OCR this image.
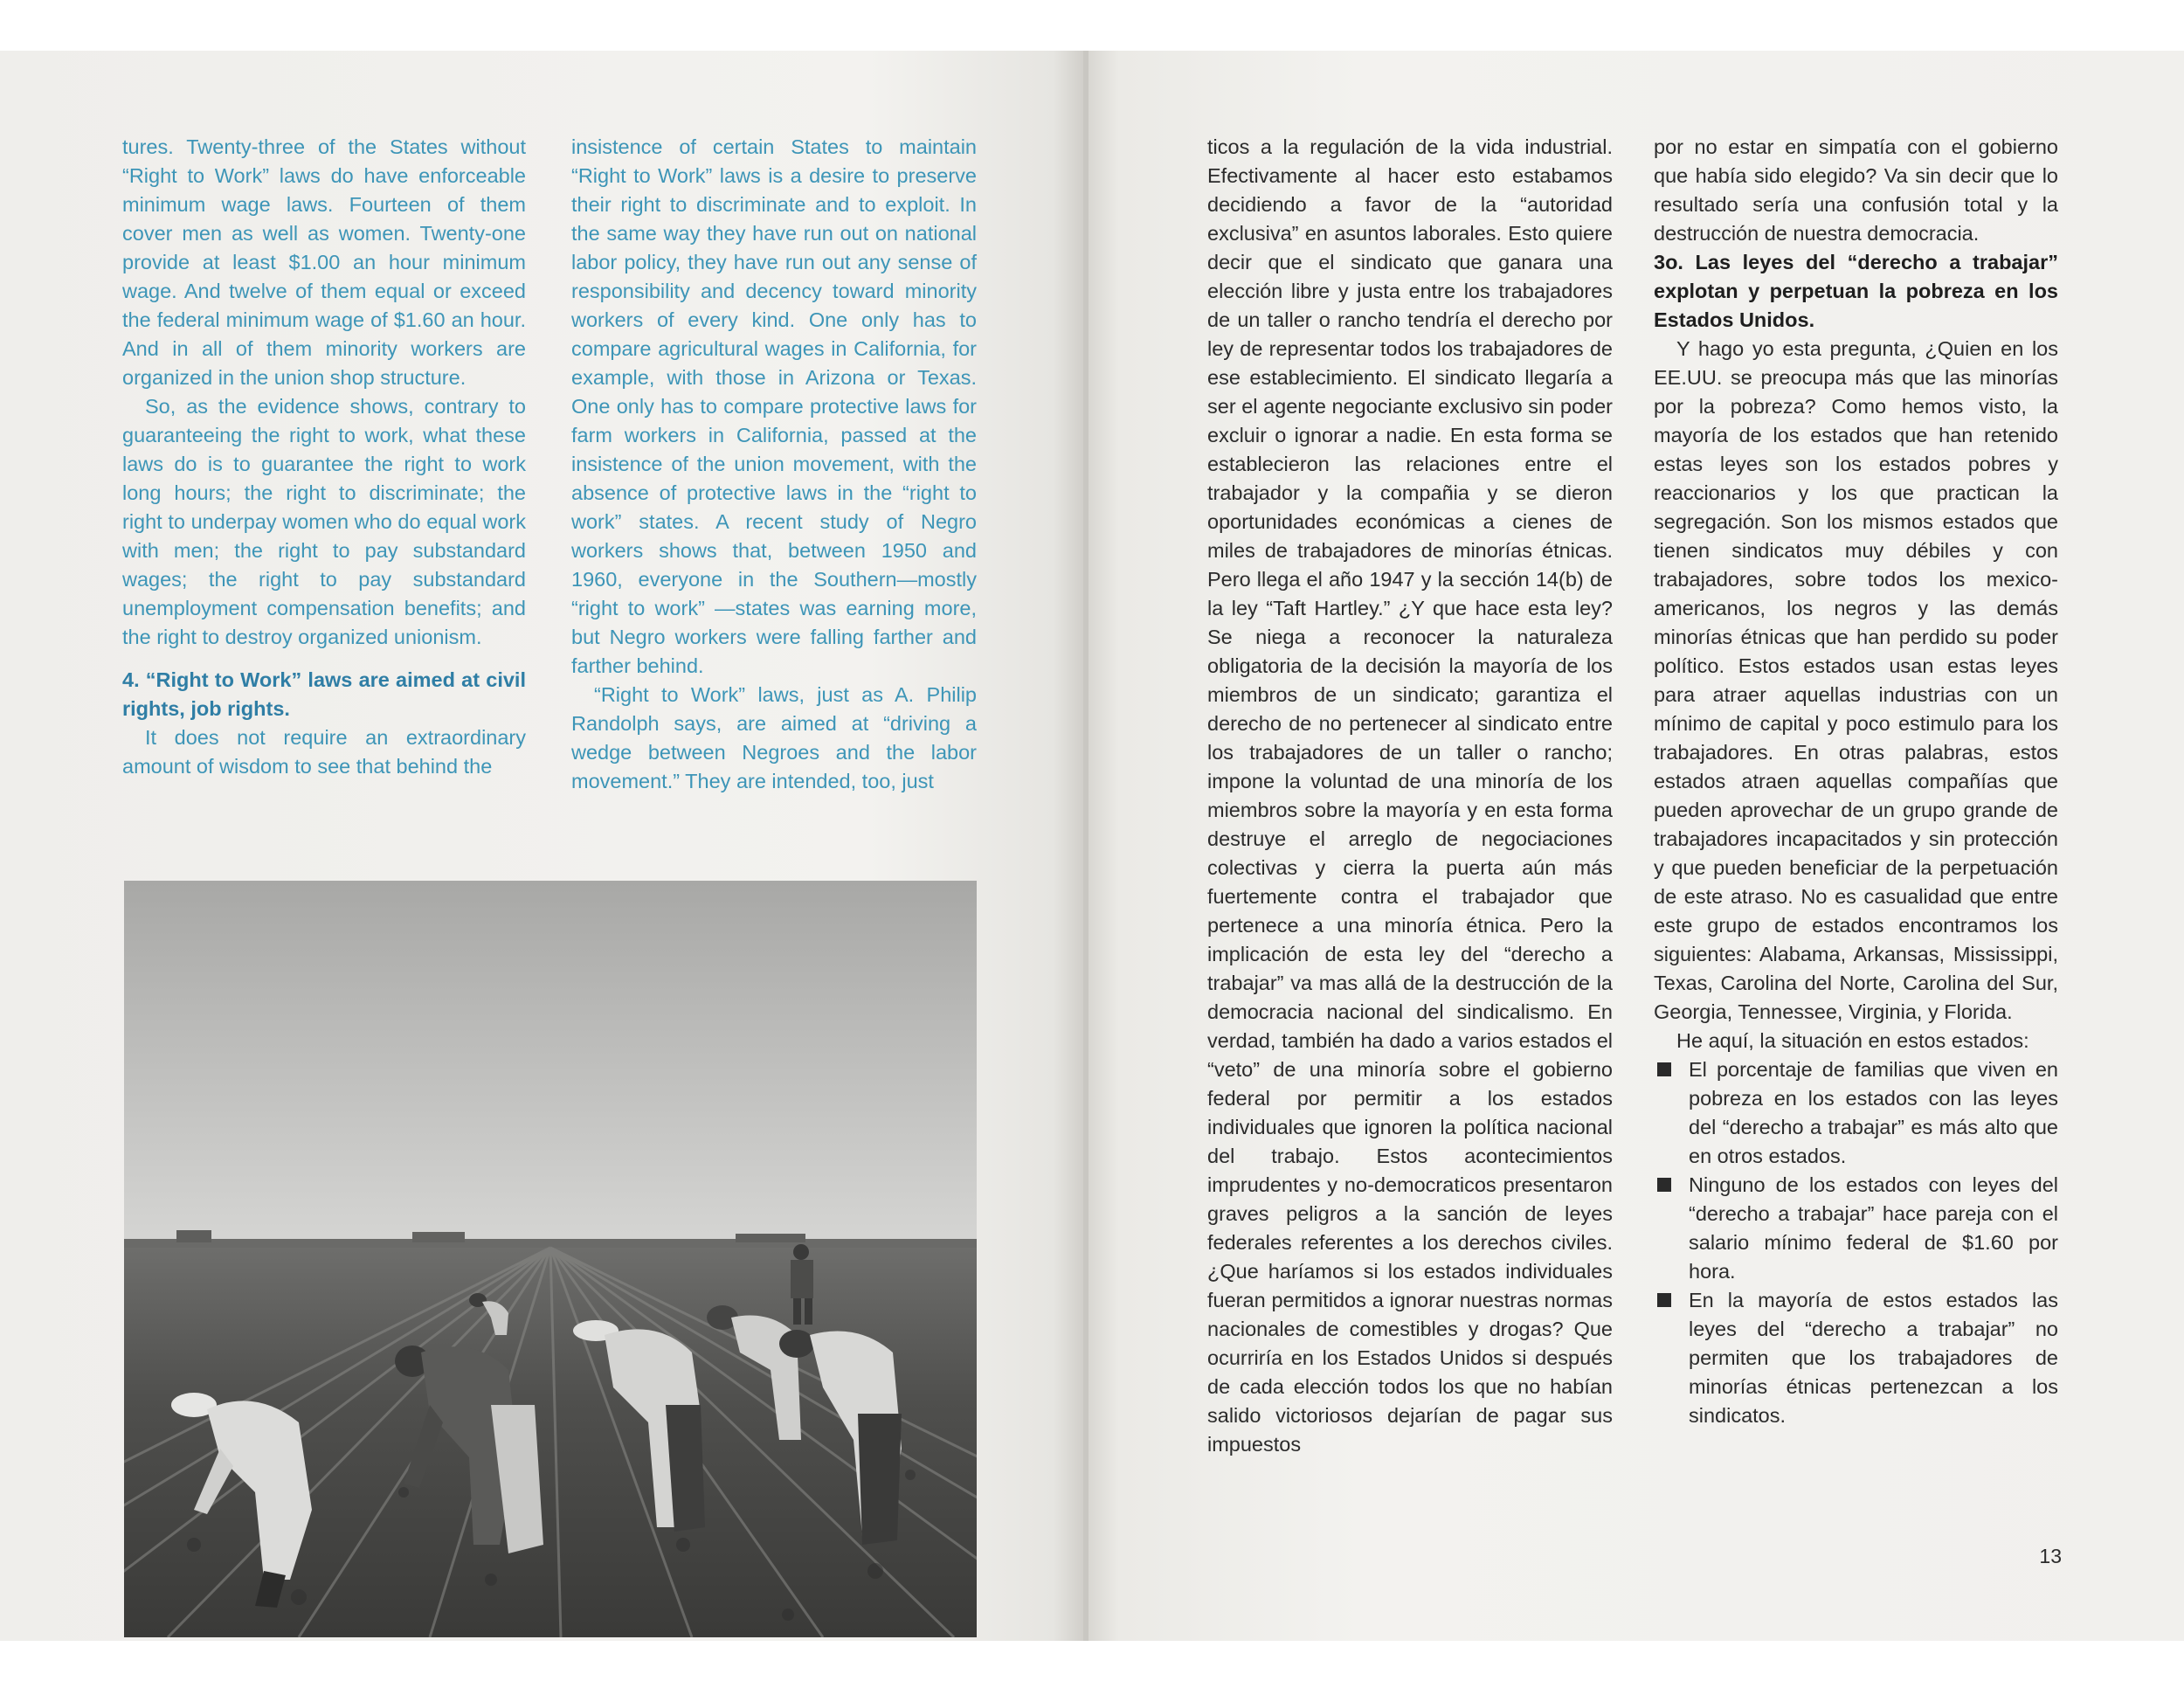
tures. Twenty-three of the States without “Right to Work” laws do have enforceable minimum wage laws. Fourteen of them cover men as well as women. Twenty-one provide at least $1.00 an hour minimum wage. And twelve of them equal or exceed the federal minimum wage of $1.60 an hour. And in all of them minority workers are organized in the union shop structure.

So, as the evidence shows, contrary to guaranteeing the right to work, what these laws do is to guarantee the right to work long hours; the right to discriminate; the right to underpay women who do equal work with men; the right to pay substandard wages; the right to pay substandard unemployment compensation benefits; and the right to destroy organized unionism.

4. “Right to Work” laws are aimed at civil rights, job rights.

It does not require an extraordinary amount of wisdom to see that behind the

insistence of certain States to maintain “Right to Work” laws is a desire to preserve their right to discriminate and to exploit. In the same way they have run out on national labor policy, they have run out any sense of responsibility and decency toward minority workers of every kind. One only has to compare agricultural wages in California, for example, with those in Arizona or Texas. One only has to compare protective laws for farm workers in California, passed at the insistence of the union movement, with the absence of protective laws in the “right to work” states. A recent study of Negro workers shows that, between 1950 and 1960, everyone in the Southern—mostly “right to work” —states was earning more, but Negro workers were falling farther and farther behind.

“Right to Work” laws, just as A. Philip Randolph says, are aimed at “driving a wedge between Negroes and the labor movement.” They are intended, too, just

ticos a la regulación de la vida industrial. Efectivamente al hacer esto estabamos decidiendo a favor de la “autoridad exclusiva” en asuntos laborales. Esto quiere decir que el sindicato que ganara una elección libre y justa entre los trabajadores de un taller o rancho tendría el derecho por ley de representar todos los trabajadores de ese establecimiento. El sindicato llegaría a ser el agente negociante exclusivo sin poder excluir o ignorar a nadie. En esta forma se establecieron las relaciones entre el trabajador y la compañia y se dieron oportunidades económicas a cienes de miles de trabajadores de minorías étnicas. Pero llega el año 1947 y la sección 14(b) de la ley “Taft Hartley.” ¿Y que hace esta ley? Se niega a reconocer la naturaleza obligatoria de la decisión la mayoría de los miembros de un sindicato; garantiza el derecho de no pertenecer al sindicato entre los trabajadores de un taller o rancho; impone la voluntad de una minoría de los miembros sobre la mayoría y en esta forma destruye el arreglo de negociaciones colectivas y cierra la puerta aún más fuertemente contra el trabajador que pertenece a una minoría étnica. Pero la implicación de esta ley del “derecho a trabajar” va mas allá de la destrucción de la democracia nacional del sindicalismo. En verdad, también ha dado a varios estados el “veto” de una minoría sobre el gobierno federal por permitir a los estados individuales que ignoren la política nacional del trabajo. Estos acontecimientos imprudentes y no-democraticos presentaron graves peligros a la sanción de leyes federales referentes a los derechos civiles. ¿Que haríamos si los estados individuales fueran permitidos a ignorar nuestras normas nacionales de comestibles y drogas? Que ocurriría en los Estados Unidos si después de cada elección todos los que no habían salido victoriosos dejarían de pagar sus impuestos

por no estar en simpatía con el gobierno que había sido elegido? Va sin decir que lo resultado sería una confusión total y la destrucción de nuestra democracia.

3o. Las leyes del “derecho a trabajar” explotan y perpetuan la pobreza en los Estados Unidos.

Y hago yo esta pregunta, ¿Quien en los EE.UU. se preocupa más que las minorías por la pobreza? Como hemos visto, la mayoría de los estados que han retenido estas leyes son los estados pobres y reaccionarios y los que practican la segregación. Son los mismos estados que tienen sindicatos muy débiles y con trabajadores, sobre todos los mexico-americanos, los negros y las demás minorías étnicas que han perdido su poder político. Estos estados usan estas leyes para atraer aquellas industrias con un mínimo de capital y poco estimulo para los trabajadores. En otras palabras, estos estados atraen aquellas compañías que pueden aprovechar de un grupo grande de trabajadores incapacitados y sin protección y que pueden beneficiar de la perpetuación de este atraso. No es casualidad que entre este grupo de estados encontramos los siguientes: Alabama, Arkansas, Mississippi, Texas, Carolina del Norte, Carolina del Sur, Georgia, Tennessee, Virginia, y Florida.

He aquí, la situación en estos estados:

El porcentaje de familias que viven en pobreza en los estados con las leyes del “derecho a trabajar” es más alto que en otros estados.
Ninguno de los estados con leyes del “derecho a trabajar” hace pareja con el salario mínimo federal de $1.60 por hora.
En la mayoría de estos estados las leyes del “derecho a trabajar” no permiten que los trabajadores de minorías étnicas pertenezcan a los sindicatos.
13
